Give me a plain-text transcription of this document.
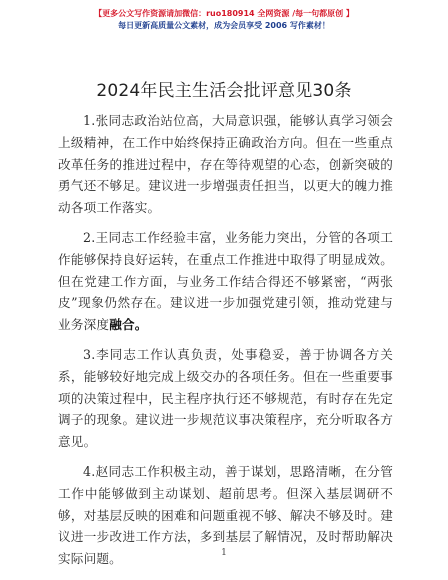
【更多公文写作资源请加微信：ruo180914 全网资源 /每一句都原创 】
每日更新高质量公文素材，成为会员享受 2006 写作素材！
2024年民主生活会批评意见30条

1.张同志政治站位高，大局意识强，能够认真学习领会上级精神，在工作中始终保持正确政治方向。但在一些重点改革任务的推进过程中，存在等待观望的心态，创新突破的勇气还不够足。建议进一步增强责任担当，以更大的魄力推动各项工作落实。

2.王同志工作经验丰富，业务能力突出，分管的各项工作能够保持良好运转，在重点工作推进中取得了明显成效。但在党建工作方面，与业务工作结合得还不够紧密，“两张皮”现象仍然存在。建议进一步加强党建引领，推动党建与业务深度融合。

3.李同志工作认真负责，处事稳妥，善于协调各方关系，能够较好地完成上级交办的各项任务。但在一些重要事项的决策过程中，民主程序执行还不够规范，有时存在先定调子的现象。建议进一步规范议事决策程序，充分听取各方意见。

4.赵同志工作积极主动，善于谋划，思路清晰，在分管工作中能够做到主动谋划、超前思考。但深入基层调研不够，对基层反映的困难和问题重视不够、解决不够及时。建议进一步改进工作方法，多到基层了解情况，及时帮助解决实际问题。	1
